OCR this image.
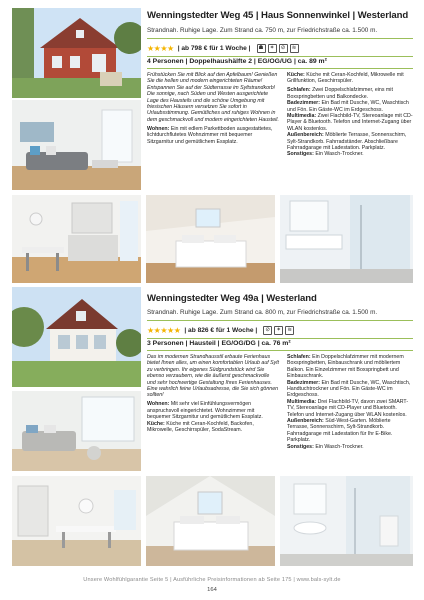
Wenningstedter Weg 45 | Haus Sonnenwinkel | Westerland
Strandnah. Ruhige Lage. Zum Strand ca. 750 m, zur Friedrichstraße ca. 1.500 m.
★★★★ | ab 798 € für 1 Woche |	☗	✶	⊘	≋
4 Personen | Doppelhaushälfte 2 | EG/OG/UG | ca. 89 m²

Frühstücken Sie mit Blick auf den Apfelbaum! Genießen Sie die hellen und modern eingerichteten Räume! Entspannen Sie auf der Südterrasse im Syltstrandkorb! Die sonnige, nach Süden und Westen ausgerichtete Lage des Hausteils und die schöne Umgebung mit friesischen Häusern versetzen Sie sofort in Urlaubsstimmung. Gemütliches und ruhiges Wohnen in dem geschmackvoll und modern eingerichteten Hausteil.

Wohnen: Ein mit edlem Parkettboden ausgestattetes, lichtdurchflutetes Wohnzimmer mit bequemer Sitzgarnitur und gemütlichem Essplatz.

Küche: Küche mit Ceran-Kochfeld, Mikrowelle mit Grillfunktion, Geschirrspüler.

Schlafen: Zwei Doppelschlafzimmer, eins mit Boxspringbetten und Balkondecke.

Badezimmer: Ein Bad mit Dusche, WC, Waschtisch und Fön. Ein Gäste-WC im Erdgeschoss.

Multimedia: Zwei Flachbild-TV, Stereoanlage mit CD-Player & Bluetooth. Telefon und Internet-Zugang über WLAN kostenlos.

Außenbereich: Möblierte Terrasse, Sonnenschirm, Sylt-Strandkorb. Fahrradständer. Abschließbare Fahrradgarage mit Ladestation. Parkplatz.

Sonstiges: Ein Wasch-Trockner.

Wenningstedter Weg 49a | Westerland
Strandnah. Ruhige Lage. Zum Strand ca. 800 m, zur Friedrichstraße ca. 1.500 m.
★★★★★ | ab 826 € für 1 Woche |	⊘	✶	≋
3 Personen | Hausteil | EG/OG/DG | ca. 76 m²

Das im modernen Strandhausstil erbaute Ferienhaus bietet Ihnen alles, um einen komfortablen Urlaub auf Sylt zu verbringen. Ihr eigenes Südgrundstück wird Sie ebenso verzaubern, wie die äußerst geschmackvolle und sehr hochwertige Gestaltung Ihres Ferienhauses. Eine wahrlich feine Urlaubsadresse, die Sie sich gönnen sollten!

Wohnen: Mit sehr viel Einfühlungsvermögen anspruchsvoll eingerichtetet. Wohnzimmer mit bequemer Sitzgarnitur und gemütlichem Essplatz.

Küche: Küche mit Ceran-Kochfeld, Backofen, Mikrowelle, Geschirrspüler, SodaStream.

Schlafen: Ein Doppelschlafzimmer mit modernem Boxspringbetten, Einbauschrank und möbliertem Balkon. Ein Einzelzimmer mit Boxspringbett und Einbauschrank.

Badezimmer: Ein Bad mit Dusche, WC, Waschtisch, Handtuchtrockner und Fön. Ein Gäste-WC im Erdgeschoss.

Multimedia: Drei Flachbild-TV, davon zwei SMART-TV, Stereoanlage mit CD-Player und Bluetooth. Telefon und Internet-Zugang über WLAN kostenlos.

Außenbereich: Süd-West-Garten. Möblierte Terrasse, Sonnenschirm, Sylt-Strandkorb. Fahrradgarage mit Ladestation für Ihr E-Bike. Parkplatz.

Sonstiges: Ein Wasch-Trockner.

Unsere Wohlfühlgarantie Seite 5 | Ausführliche Preisinformationen ab Seite 175 | www.bals-sylt.de
164
